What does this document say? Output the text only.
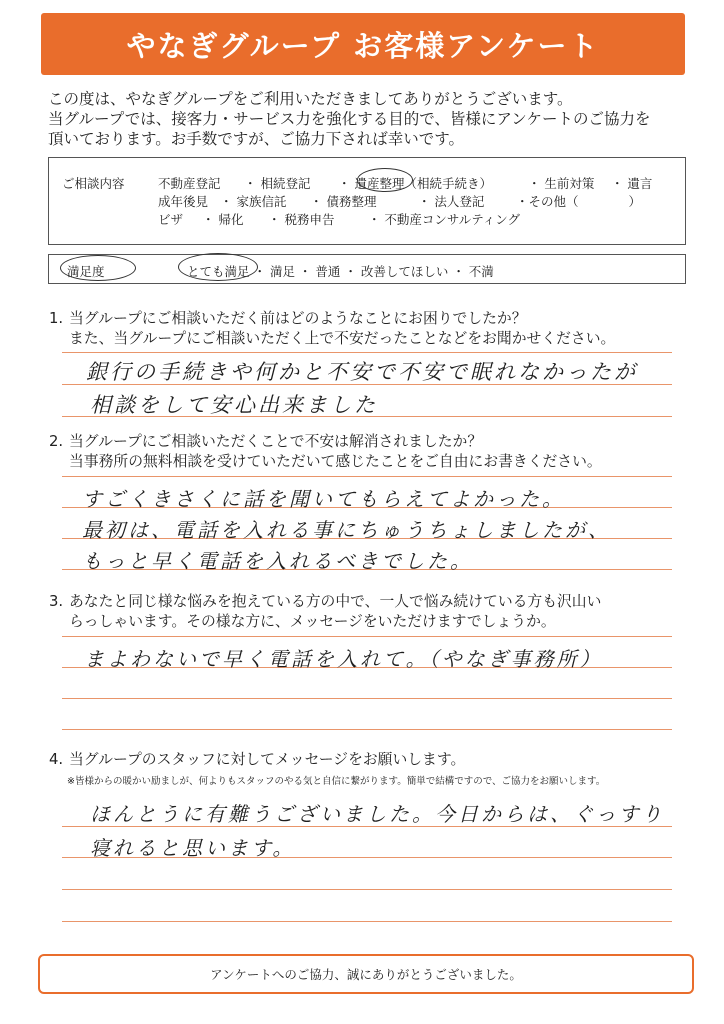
やなぎグループ お客様アンケート
この度は、やなぎグループをご利用いただきましてありがとうございます。
当グループでは、接客力・サービス力を強化する目的で、皆様にアンケートのご協力を
頂いております。お手数ですが、ご協力下されば幸いです。
ご相談内容	不動産登記 ・ 相続登記 ・ 遺産整理（相続手続き）	・ 生前対策 ・ 遺言
成年後見 ・ 家族信託 ・ 債務整理	・ 法人登記	・その他（　　　　）
ビザ ・ 帰化 ・ 税務申告	・ 不動産コンサルティング
満足度	とても満足 ・ 満足 ・ 普通 ・ 改善してほしい ・ 不満
1. 当グループにご相談いただく前はどのようなことにお困りでしたか？
また、当グループにご相談いただく上で不安だったことなどをお聞かせください。
銀行の手続きや何かと不安で不安で眠れなかったが
相談をして安心出来ました
2. 当グループにご相談いただくことで不安は解消されましたか？
当事務所の無料相談を受けていただいて感じたことをご自由にお書きください。
すごくきさくに話を聞いてもらえてよかった。
最初は、電話を入れる事にちゅうちょしましたが、
もっと早く電話を入れるべきでした。
3. あなたと同じ様な悩みを抱えている方の中で、一人で悩み続けている方も沢山い
らっしゃいます。その様な方に、メッセージをいただけますでしょうか。
まよわないで早く電話を入れて。（やなぎ事務所）
4. 当グループのスタッフに対してメッセージをお願いします。
※皆様からの暖かい励ましが、何よりもスタッフのやる気と自信に繋がります。簡単で結構ですので、ご協力をお願いします。
ほんとうに有難うございました。今日からは、ぐっすり
寝れると思います。
アンケートへのご協力、誠にありがとうございました。
